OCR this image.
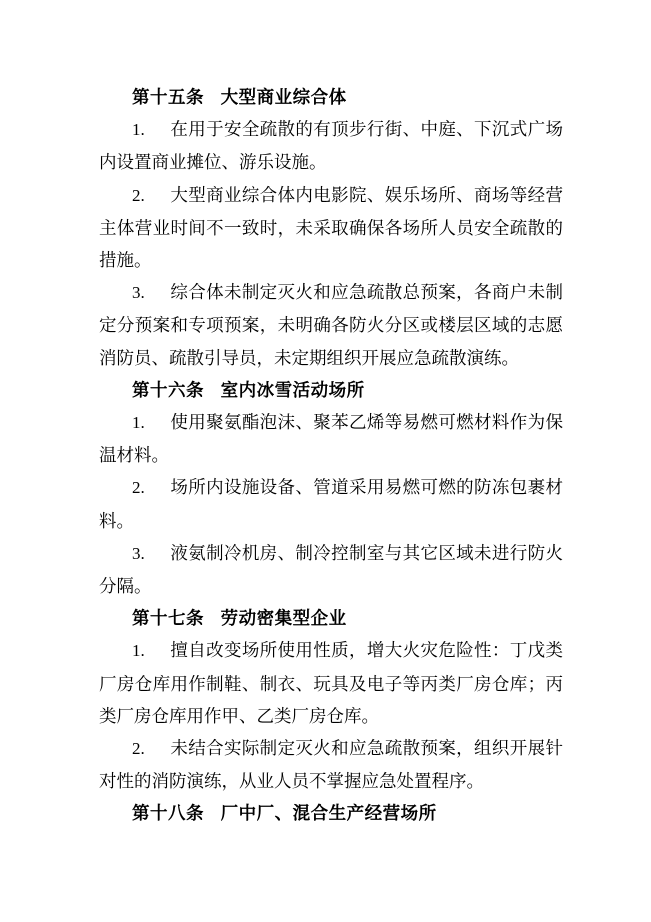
第十五条 大型商业综合体

1. 在用于安全疏散的有顶步行街、中庭、下沉式广场内设置商业摊位、游乐设施。

2. 大型商业综合体内电影院、娱乐场所、商场等经营主体营业时间不一致时，未采取确保各场所人员安全疏散的措施。

3. 综合体未制定灭火和应急疏散总预案，各商户未制定分预案和专项预案，未明确各防火分区或楼层区域的志愿消防员、疏散引导员，未定期组织开展应急疏散演练。

第十六条 室内冰雪活动场所

1. 使用聚氨酯泡沫、聚苯乙烯等易燃可燃材料作为保温材料。

2. 场所内设施设备、管道采用易燃可燃的防冻包裹材料。

3. 液氨制冷机房、制冷控制室与其它区域未进行防火分隔。

第十七条 劳动密集型企业

1. 擅自改变场所使用性质，增大火灾危险性：丁戊类厂房仓库用作制鞋、制衣、玩具及电子等丙类厂房仓库；丙类厂房仓库用作甲、乙类厂房仓库。

2. 未结合实际制定灭火和应急疏散预案，组织开展针对性的消防演练，从业人员不掌握应急处置程序。

第十八条 厂中厂、混合生产经营场所
